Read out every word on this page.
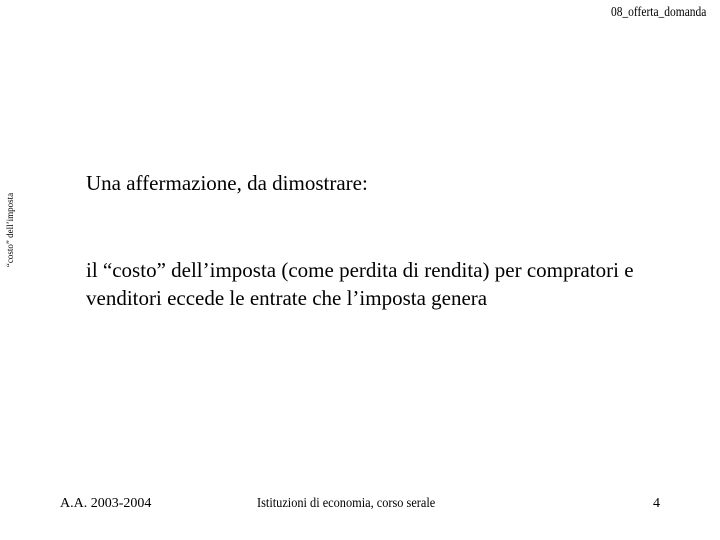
08_offerta_domanda
“costo” dell’imposta
Una affermazione, da dimostrare:
il “costo” dell’imposta (come perdita di rendita) per compratori e venditori eccede le entrate che l’imposta genera
A.A. 2003-2004	Istituzioni di economia, corso serale	4
